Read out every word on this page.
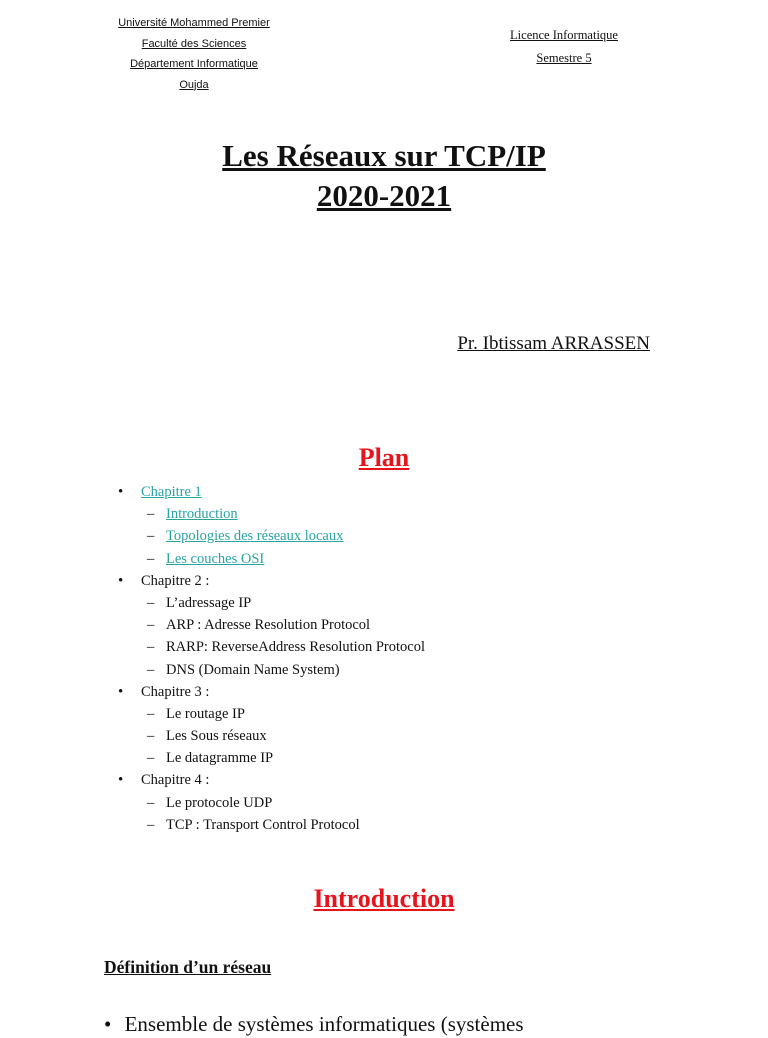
Université Mohammed Premier
Faculté des Sciences
Département Informatique
Oujda
Licence Informatique
Semestre 5
Les Réseaux sur TCP/IP
2020-2021
Pr. Ibtissam ARRASSEN
Plan
• Chapitre 1
– Introduction
– Topologies des réseaux locaux
– Les couches OSI
• Chapitre 2 :
– L’adressage IP
– ARP : Adresse Resolution Protocol
– RARP: ReverseAddress Resolution Protocol
– DNS (Domain Name System)
• Chapitre 3 :
– Le routage IP
– Les Sous réseaux
– Le datagramme IP
• Chapitre 4 :
– Le protocole UDP
– TCP : Transport Control Protocol
Introduction
Définition d’un réseau
• Ensemble de systèmes informatiques (systèmes
